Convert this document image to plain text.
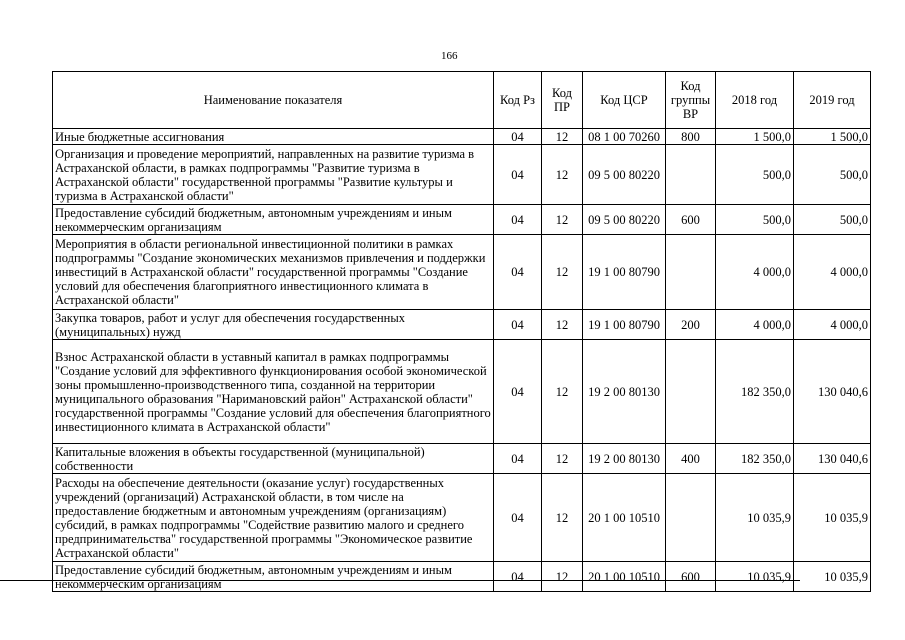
166
Наименование показателя	Код Рз	Код ПР	Код ЦСР	Код группы ВР	2018 год	2019 год
Иные бюджетные ассигнования	04	12	08 1 00 70260	800	1 500,0	1 500,0
Организация и проведение мероприятий, направленных на развитие туризма в Астраханской области, в рамках подпрограммы "Развитие туризма в Астраханской области" государственной программы "Развитие культуры и туризма в Астраханской области"	04	12	09 5 00 80220		500,0	500,0
Предоставление субсидий бюджетным, автономным учреждениям и иным некоммерческим организациям	04	12	09 5 00 80220	600	500,0	500,0
Мероприятия в области региональной инвестиционной политики в рамках подпрограммы "Создание экономических механизмов привлечения и поддержки инвестиций в Астраханской области" государственной программы "Создание условий для обеспечения благоприятного инвестиционного климата в Астраханской области"	04	12	19 1 00 80790		4 000,0	4 000,0
Закупка товаров, работ и услуг для обеспечения государственных (муниципальных) нужд	04	12	19 1 00 80790	200	4 000,0	4 000,0
Взнос Астраханской области в уставный капитал в рамках подпрограммы "Создание условий для эффективного функционирования особой экономической зоны промышленно-производственного типа, созданной на территории муниципального образования "Наримановский район" Астраханской области" государственной программы "Создание условий для обеспечения благоприятного инвестиционного климата в Астраханской области"	04	12	19 2 00 80130		182 350,0	130 040,6
Капитальные вложения в объекты государственной (муниципальной) собственности	04	12	19 2 00 80130	400	182 350,0	130 040,6
Расходы на обеспечение деятельности (оказание услуг) государственных учреждений (организаций) Астраханской области, в том числе на предоставление бюджетным и автономным учреждениям (организациям) субсидий, в рамках подпрограммы "Содействие развитию малого и среднего предпринимательства" государственной программы "Экономическое развитие Астраханской области"	04	12	20 1 00 10510		10 035,9	10 035,9
Предоставление субсидий бюджетным, автономным учреждениям и иным некоммерческим организациям	04	12	20 1 00 10510	600	10 035,9	10 035,9
